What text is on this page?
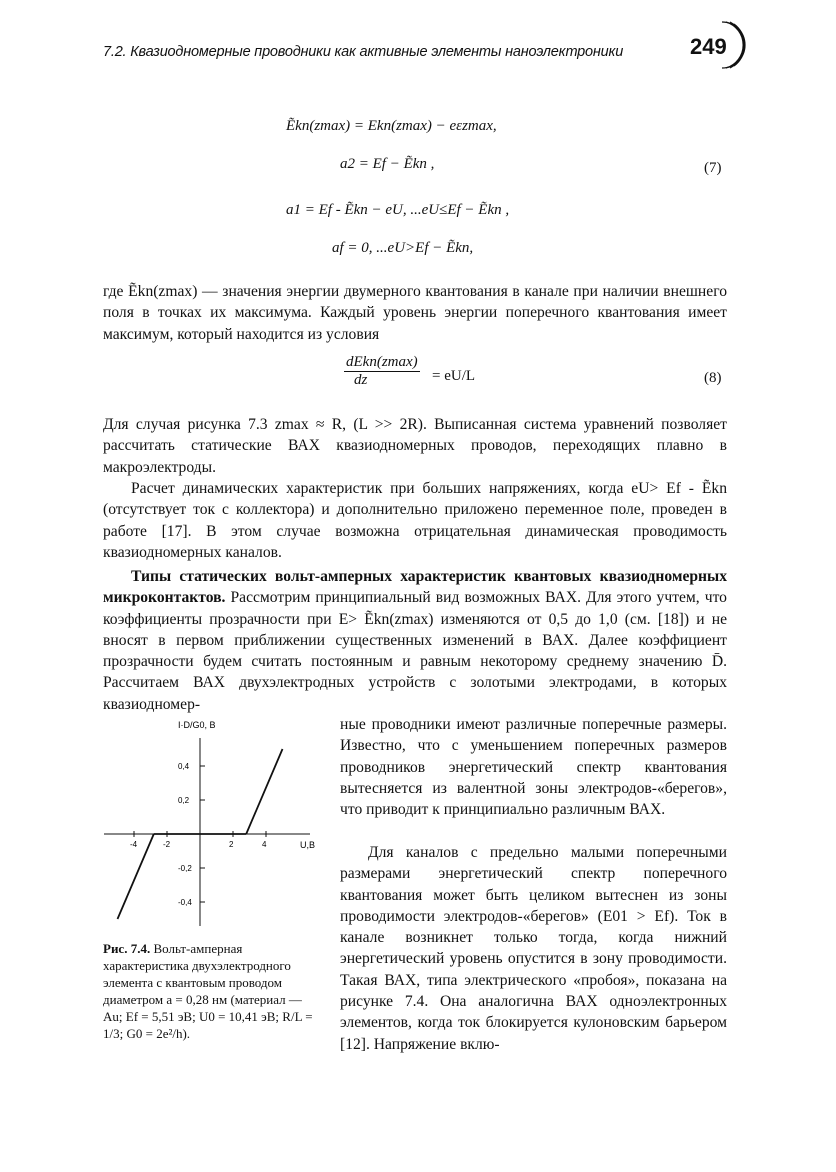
7.2. Квазиодномерные проводники как активные элементы наноэлектроники	249
Ẽkn(zmax) = Ekn(zmax) − eεzmax,
a2 = Ef − Ẽkn ,	(7)
a1 = Ef - Ẽkn − eU, ...eU≤Ef − Ẽkn ,
af = 0, ...eU>Ef − Ẽkn,

где Ẽkn(zmax) — значения энергии двумерного квантования в канале при наличии внешнего поля в точках их максимума. Каждый уровень энергии поперечного квантования имеет максимум, который находится из условия

dEkn(zmax)
dz	= eU/L	(8)

Для случая рисунка 7.3 zmax ≈ R, (L >> 2R). Выписанная система уравнений позволяет рассчитать статические ВАХ квазиодномерных проводов, переходящих плавно в макроэлектроды.

Расчет динамических характеристик при больших напряжениях, когда eU> Ef - Ẽkn (отсутствует ток с коллектора) и дополнительно приложено переменное поле, проведен в работе [17]. В этом случае возможна отрицательная динамическая проводимость квазиодномерных каналов.

Типы статических вольт-амперных характеристик квантовых квазиодномерных микроконтактов. Рассмотрим принципиальный вид возможных ВАХ. Для этого учтем, что коэффициенты прозрачности при E> Ẽkn(zmax) изменяются от 0,5 до 1,0 (см. [18]) и не вносят в первом приближении существенных изменений в ВАХ. Далее коэффициент прозрачности будем считать постоянным и равным некоторому среднему значению D̄. Рассчитаем ВАХ двухэлектродных устройств с золотыми электродами, в которых квазиодномер-

-4	-2	2	4
0,4
0,2
-0,2
-0,4
I·D/G0, В
U,В

ные проводники имеют различные поперечные размеры. Известно, что с уменьшением поперечных размеров проводников энергетический спектр квантования вытесняется из валентной зоны электродов-«берегов», что приводит к принципиально различным ВАХ.

Для каналов с предельно малыми поперечными размерами энергетический спектр поперечного квантования может быть целиком вытеснен из зоны проводимости электродов-«берегов» (E01 > Ef). Ток в канале возникнет только тогда, когда нижний энергетический уровень опустится в зону проводимости. Такая ВАХ, типа электрического «пробоя», показана на рисунке 7.4. Она аналогична ВАХ одноэлектронных элементов, когда ток блокируется кулоновским барьером [12]. Напряжение вклю-

Рис. 7.4. Вольт-амперная характеристика двухэлектродного элемента с квантовым проводом диаметром a = 0,28 нм (материал — Au; Ef = 5,51 эВ; U0 = 10,41 эВ; R/L = 1/3; G0 = 2e²/h).
